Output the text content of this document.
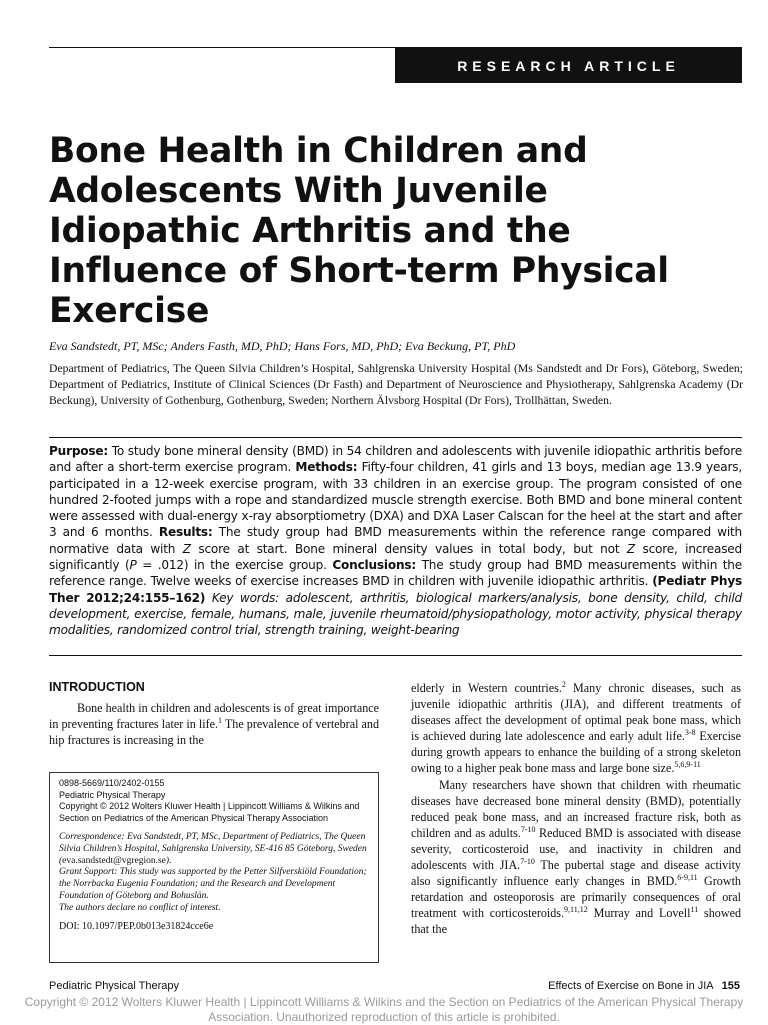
RESEARCH ARTICLE
Bone Health in Children and Adolescents With Juvenile Idiopathic Arthritis and the Influence of Short-term Physical Exercise
Eva Sandstedt, PT, MSc; Anders Fasth, MD, PhD; Hans Fors, MD, PhD; Eva Beckung, PT, PhD
Department of Pediatrics, The Queen Silvia Children’s Hospital, Sahlgrenska University Hospital (Ms Sandstedt and Dr Fors), Göteborg, Sweden; Department of Pediatrics, Institute of Clinical Sciences (Dr Fasth) and Department of Neuroscience and Physiotherapy, Sahlgrenska Academy (Dr Beckung), University of Gothenburg, Gothenburg, Sweden; Northern Älvsborg Hospital (Dr Fors), Trollhättan, Sweden.
Purpose: To study bone mineral density (BMD) in 54 children and adolescents with juvenile idiopathic arthritis before and after a short-term exercise program. Methods: Fifty-four children, 41 girls and 13 boys, median age 13.9 years, participated in a 12-week exercise program, with 33 children in an exercise group. The program consisted of one hundred 2-footed jumps with a rope and standardized muscle strength exercise. Both BMD and bone mineral content were assessed with dual-energy x-ray absorptiometry (DXA) and DXA Laser Calscan for the heel at the start and after 3 and 6 months. Results: The study group had BMD measurements within the reference range compared with normative data with Z score at start. Bone mineral density values in total body, but not Z score, increased significantly (P = .012) in the exercise group. Conclusions: The study group had BMD measurements within the reference range. Twelve weeks of exercise increases BMD in children with juvenile idiopathic arthritis. (Pediatr Phys Ther 2012;24:155–162) Key words: adolescent, arthritis, biological markers/analysis, bone density, child, child development, exercise, female, humans, male, juvenile rheumatoid/physiopathology, motor activity, physical therapy modalities, randomized control trial, strength training, weight-bearing
INTRODUCTION

Bone health in children and adolescents is of great importance in preventing fractures later in life.$^1$ The prevalence of vertebral and hip fractures is increasing in the

0898-5669/110/2402-0155
Pediatric Physical Therapy
Copyright © 2012 Wolters Kluwer Health | Lippincott Williams & Wilkins and Section on Pediatrics of the American Physical Therapy Association
Correspondence: Eva Sandstedt, PT, MSc, Department of Pediatrics, The Queen Silvia Children’s Hospital, Sahlgrenska University, SE-416 85 Göteborg, Sweden (eva.sandstedt@vgregion.se).
Grant Support: This study was supported by the Petter Silfverskiöld Foundation; the Norrbacka Eugenia Foundation; and the Research and Development Foundation of Göteborg and Bohuslän.
The authors declare no conflict of interest.
DOI: 10.1097/PEP.0b013e31824cce6e

elderly in Western countries.$^2$ Many chronic diseases, such as juvenile idiopathic arthritis (JIA), and different treatments of diseases affect the development of optimal peak bone mass, which is achieved during late adolescence and early adult life.$^{3-8}$ Exercise during growth appears to enhance the building of a strong skeleton owing to a higher peak bone mass and large bone size.$^{5,6,9-11}$

Many researchers have shown that children with rheumatic diseases have decreased bone mineral density (BMD), potentially reduced peak bone mass, and an increased fracture risk, both as children and as adults.$^{7-10}$ Reduced BMD is associated with disease severity, corticosteroid use, and inactivity in children and adolescents with JIA.$^{7-10}$ The pubertal stage and disease activity also significantly influence early changes in BMD.$^{6-9,11}$ Growth retardation and osteoporosis are primarily consequences of oral treatment with corticosteroids.$^{9,11,12}$ Murray and Lovell$^{11}$ showed that the

Pediatric Physical Therapy	Effects of Exercise on Bone in JIA 155
Copyright © 2012 Wolters Kluwer Health | Lippincott Williams & Wilkins and the Section on Pediatrics of the American Physical Therapy Association. Unauthorized reproduction of this article is prohibited.
